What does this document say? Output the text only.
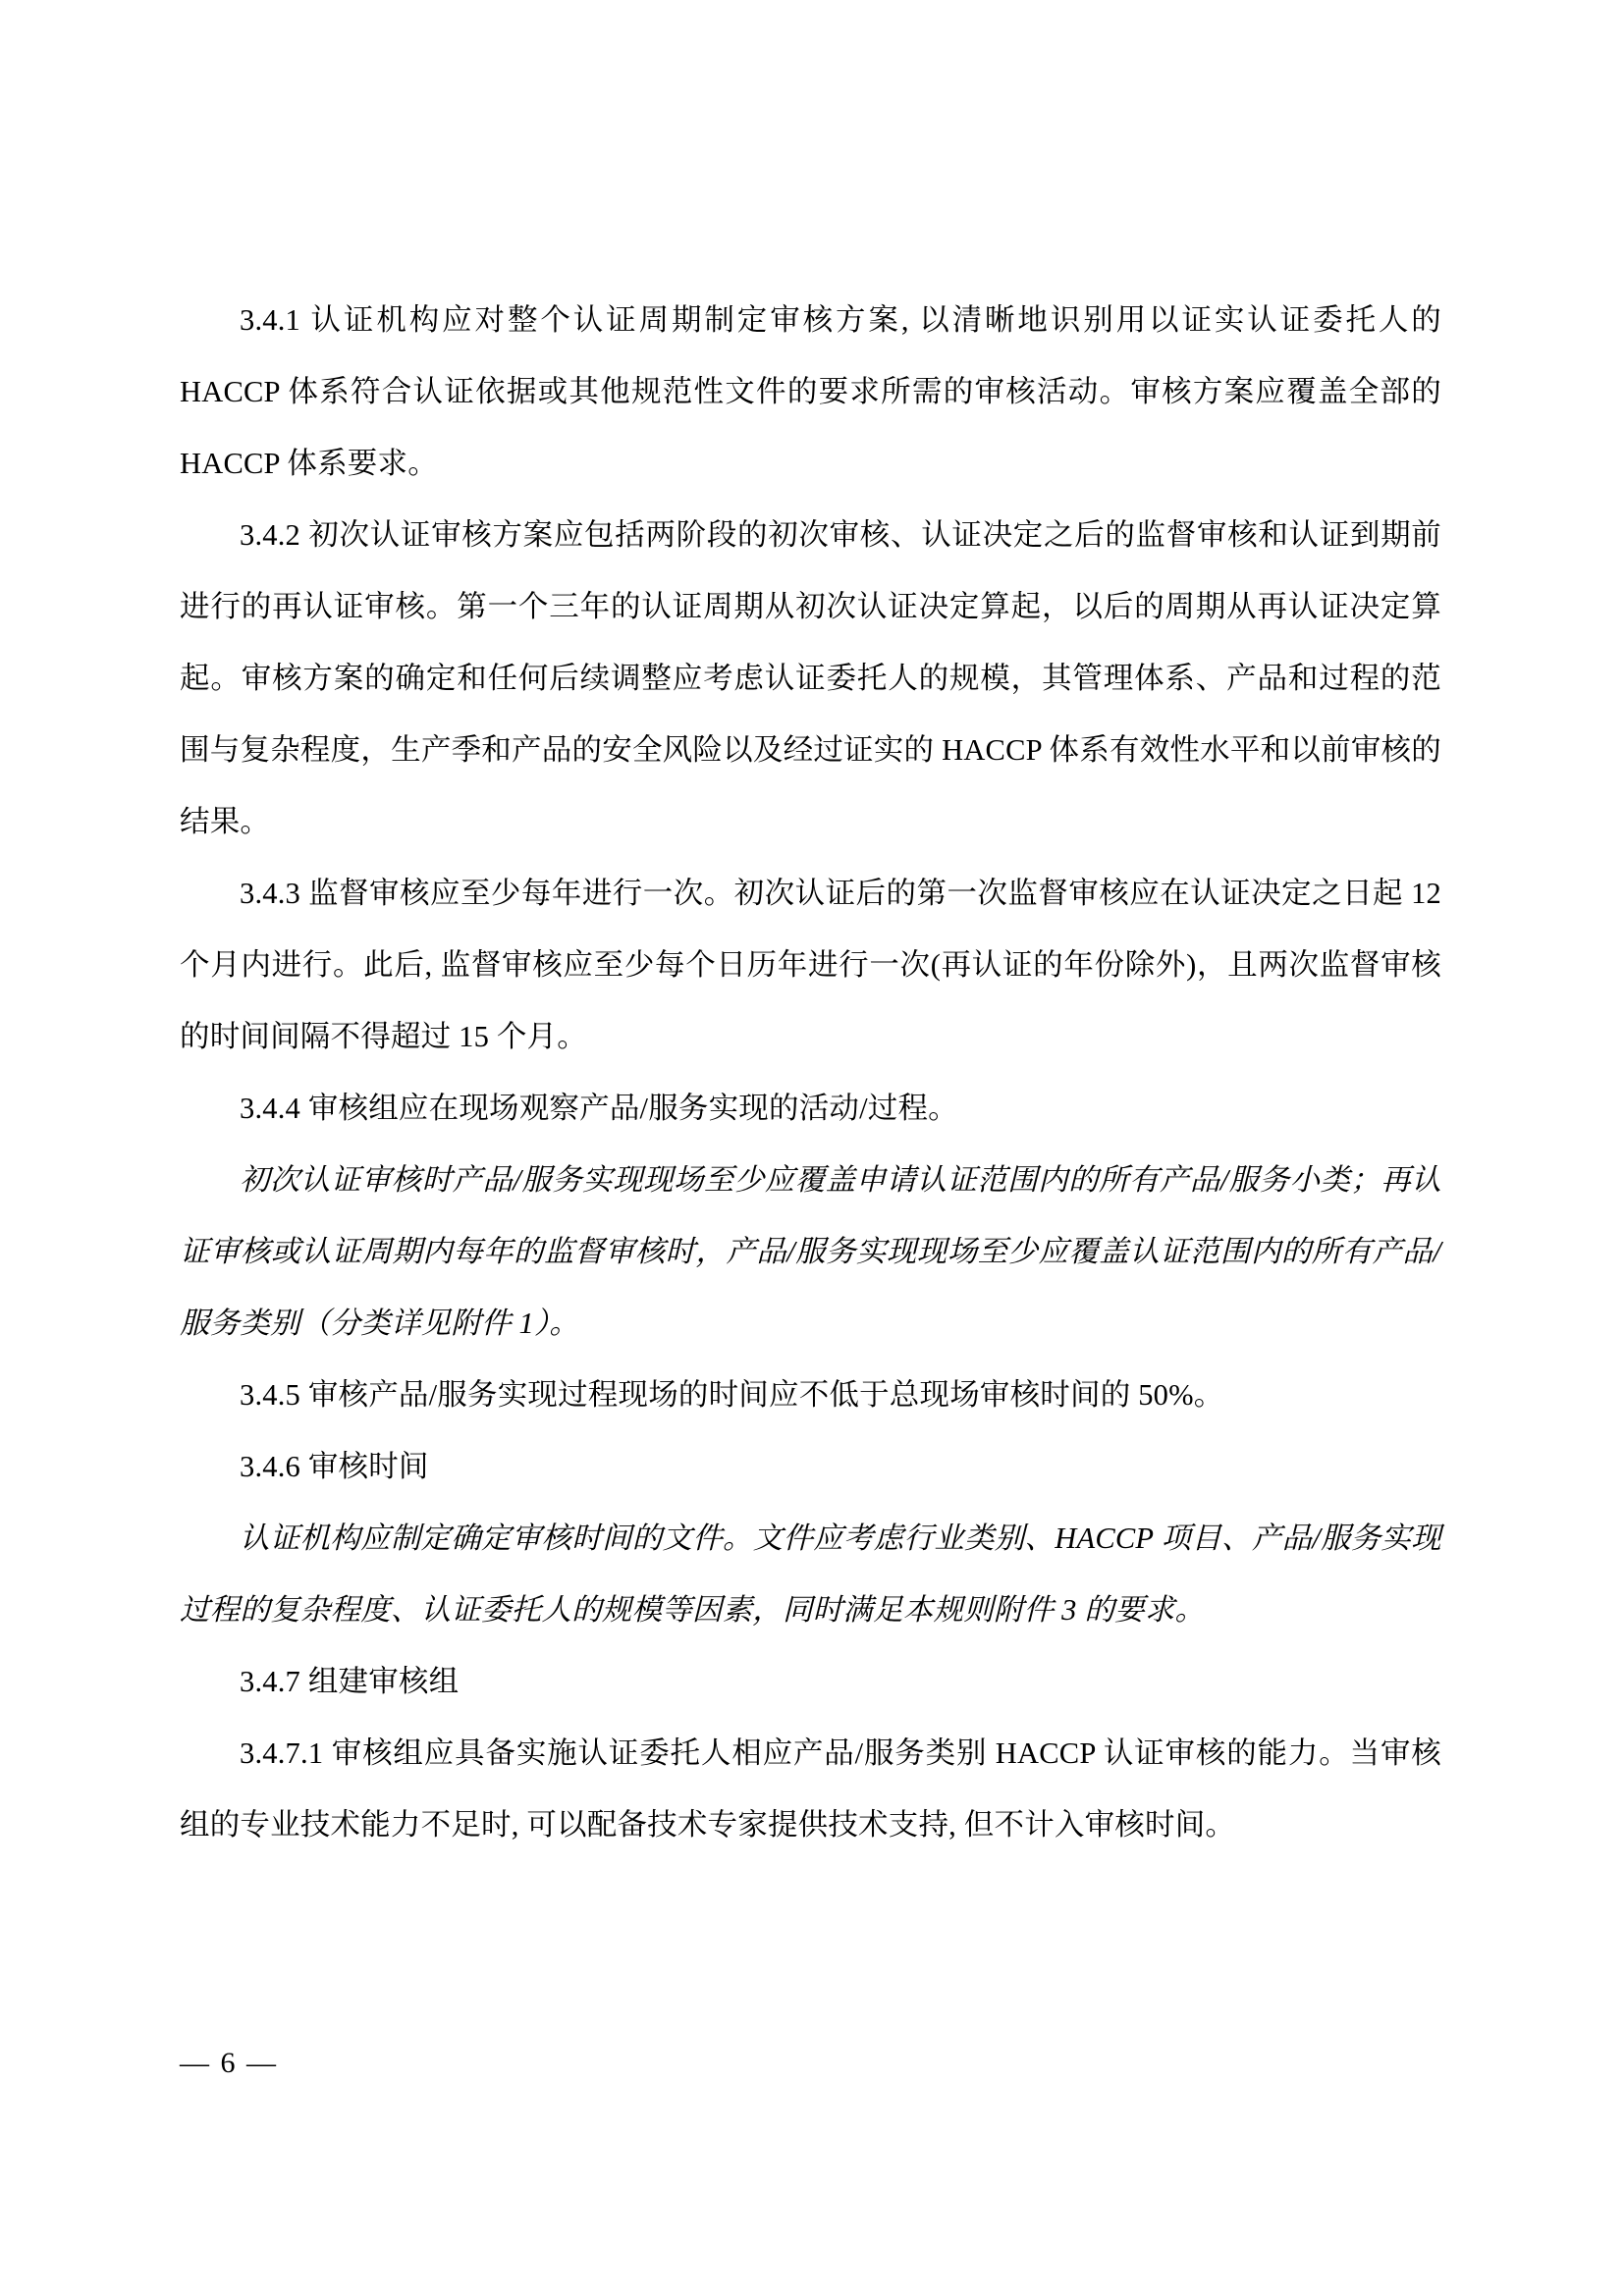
3.4.1 认证机构应对整个认证周期制定审核方案, 以清晰地识别用以证实认证委托人的 HACCP 体系符合认证依据或其他规范性文件的要求所需的审核活动。审核方案应覆盖全部的 HACCP 体系要求。

3.4.2 初次认证审核方案应包括两阶段的初次审核、认证决定之后的监督审核和认证到期前进行的再认证审核。第一个三年的认证周期从初次认证决定算起，以后的周期从再认证决定算起。审核方案的确定和任何后续调整应考虑认证委托人的规模，其管理体系、产品和过程的范围与复杂程度，生产季和产品的安全风险以及经过证实的 HACCP 体系有效性水平和以前审核的结果。

3.4.3 监督审核应至少每年进行一次。初次认证后的第一次监督审核应在认证决定之日起 12 个月内进行。此后, 监督审核应至少每个日历年进行一次(再认证的年份除外)，且两次监督审核的时间间隔不得超过 15 个月。

3.4.4 审核组应在现场观察产品/服务实现的活动/过程。

初次认证审核时产品/服务实现现场至少应覆盖申请认证范围内的所有产品/服务小类；再认证审核或认证周期内每年的监督审核时，产品/服务实现现场至少应覆盖认证范围内的所有产品/服务类别（分类详见附件 1）。

3.4.5 审核产品/服务实现过程现场的时间应不低于总现场审核时间的 50%。

3.4.6 审核时间

认证机构应制定确定审核时间的文件。文件应考虑行业类别、HACCP 项目、产品/服务实现过程的复杂程度、认证委托人的规模等因素，同时满足本规则附件 3 的要求。

3.4.7 组建审核组

3.4.7.1 审核组应具备实施认证委托人相应产品/服务类别 HACCP 认证审核的能力。当审核组的专业技术能力不足时, 可以配备技术专家提供技术支持, 但不计入审核时间。

— 6 —
